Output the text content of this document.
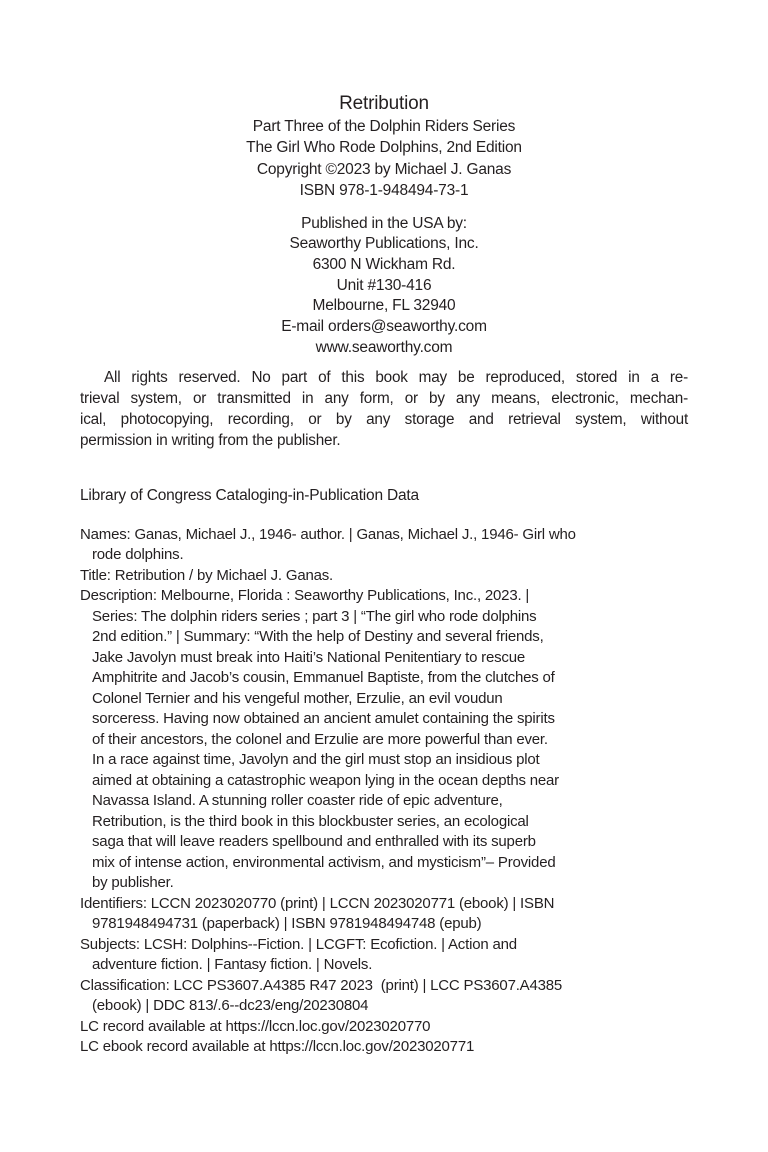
Retribution
Part Three of the Dolphin Riders Series
The Girl Who Rode Dolphins, 2nd Edition
Copyright ©2023 by Michael J. Ganas
ISBN 978-1-948494-73-1
Published in the USA by:
Seaworthy Publications, Inc.
6300 N Wickham Rd.
Unit #130-416
Melbourne, FL 32940
E-mail orders@seaworthy.com
www.seaworthy.com
All rights reserved. No part of this book may be reproduced, stored in a re-
trieval system, or transmitted in any form, or by any means, electronic, mechan-
ical, photocopying, recording, or by any storage and retrieval system, without
permission in writing from the publisher.
Library of Congress Cataloging-in-Publication Data
Names: Ganas, Michael J., 1946- author. | Ganas, Michael J., 1946- Girl who
rode dolphins.
Title: Retribution / by Michael J. Ganas.
Description: Melbourne, Florida : Seaworthy Publications, Inc., 2023. |
Series: The dolphin riders series ; part 3 | “The girl who rode dolphins
2nd edition.” | Summary: “With the help of Destiny and several friends,
Jake Javolyn must break into Haiti’s National Penitentiary to rescue
Amphitrite and Jacob’s cousin, Emmanuel Baptiste, from the clutches of
Colonel Ternier and his vengeful mother, Erzulie, an evil voudun
sorceress. Having now obtained an ancient amulet containing the spirits
of their ancestors, the colonel and Erzulie are more powerful than ever.
In a race against time, Javolyn and the girl must stop an insidious plot
aimed at obtaining a catastrophic weapon lying in the ocean depths near
Navassa Island. A stunning roller coaster ride of epic adventure,
Retribution, is the third book in this blockbuster series, an ecological
saga that will leave readers spellbound and enthralled with its superb
mix of intense action, environmental activism, and mysticism”– Provided
by publisher.
Identifiers: LCCN 2023020770 (print) | LCCN 2023020771 (ebook) | ISBN
9781948494731 (paperback) | ISBN 9781948494748 (epub)
Subjects: LCSH: Dolphins--Fiction. | LCGFT: Ecofiction. | Action and
adventure fiction. | Fantasy fiction. | Novels.
Classification: LCC PS3607.A4385 R47 2023  (print) | LCC PS3607.A4385
(ebook) | DDC 813/.6--dc23/eng/20230804
LC record available at https://lccn.loc.gov/2023020770
LC ebook record available at https://lccn.loc.gov/2023020771
